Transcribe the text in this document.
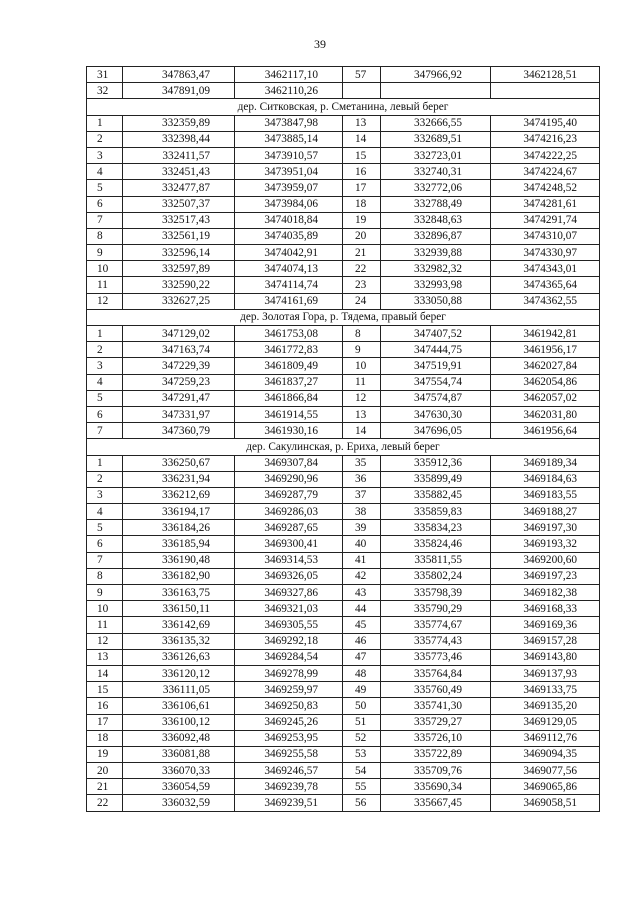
39
31	347863,47	3462117,10	57	347966,92	3462128,51
32	347891,09	3462110,26			
дер. Ситковская, р. Сметанина, левый берег					
1	332359,89	3473847,98	13	332666,55	3474195,40
2	332398,44	3473885,14	14	332689,51	3474216,23
3	332411,57	3473910,57	15	332723,01	3474222,25
4	332451,43	3473951,04	16	332740,31	3474224,67
5	332477,87	3473959,07	17	332772,06	3474248,52
6	332507,37	3473984,06	18	332788,49	3474281,61
7	332517,43	3474018,84	19	332848,63	3474291,74
8	332561,19	3474035,89	20	332896,87	3474310,07
9	332596,14	3474042,91	21	332939,88	3474330,97
10	332597,89	3474074,13	22	332982,32	3474343,01
11	332590,22	3474114,74	23	332993,98	3474365,64
12	332627,25	3474161,69	24	333050,88	3474362,55
дер. Золотая Гора, р. Тядема, правый берег					
1	347129,02	3461753,08	8	347407,52	3461942,81
2	347163,74	3461772,83	9	347444,75	3461956,17
3	347229,39	3461809,49	10	347519,91	3462027,84
4	347259,23	3461837,27	11	347554,74	3462054,86
5	347291,47	3461866,84	12	347574,87	3462057,02
6	347331,97	3461914,55	13	347630,30	3462031,80
7	347360,79	3461930,16	14	347696,05	3461956,64
дер. Сакулинская, р. Ериха, левый берег					
1	336250,67	3469307,84	35	335912,36	3469189,34
2	336231,94	3469290,96	36	335899,49	3469184,63
3	336212,69	3469287,79	37	335882,45	3469183,55
4	336194,17	3469286,03	38	335859,83	3469188,27
5	336184,26	3469287,65	39	335834,23	3469197,30
6	336185,94	3469300,41	40	335824,46	3469193,32
7	336190,48	3469314,53	41	335811,55	3469200,60
8	336182,90	3469326,05	42	335802,24	3469197,23
9	336163,75	3469327,86	43	335798,39	3469182,38
10	336150,11	3469321,03	44	335790,29	3469168,33
11	336142,69	3469305,55	45	335774,67	3469169,36
12	336135,32	3469292,18	46	335774,43	3469157,28
13	336126,63	3469284,54	47	335773,46	3469143,80
14	336120,12	3469278,99	48	335764,84	3469137,93
15	336111,05	3469259,97	49	335760,49	3469133,75
16	336106,61	3469250,83	50	335741,30	3469135,20
17	336100,12	3469245,26	51	335729,27	3469129,05
18	336092,48	3469253,95	52	335726,10	3469112,76
19	336081,88	3469255,58	53	335722,89	3469094,35
20	336070,33	3469246,57	54	335709,76	3469077,56
21	336054,59	3469239,78	55	335690,34	3469065,86
22	336032,59	3469239,51	56	335667,45	3469058,51
